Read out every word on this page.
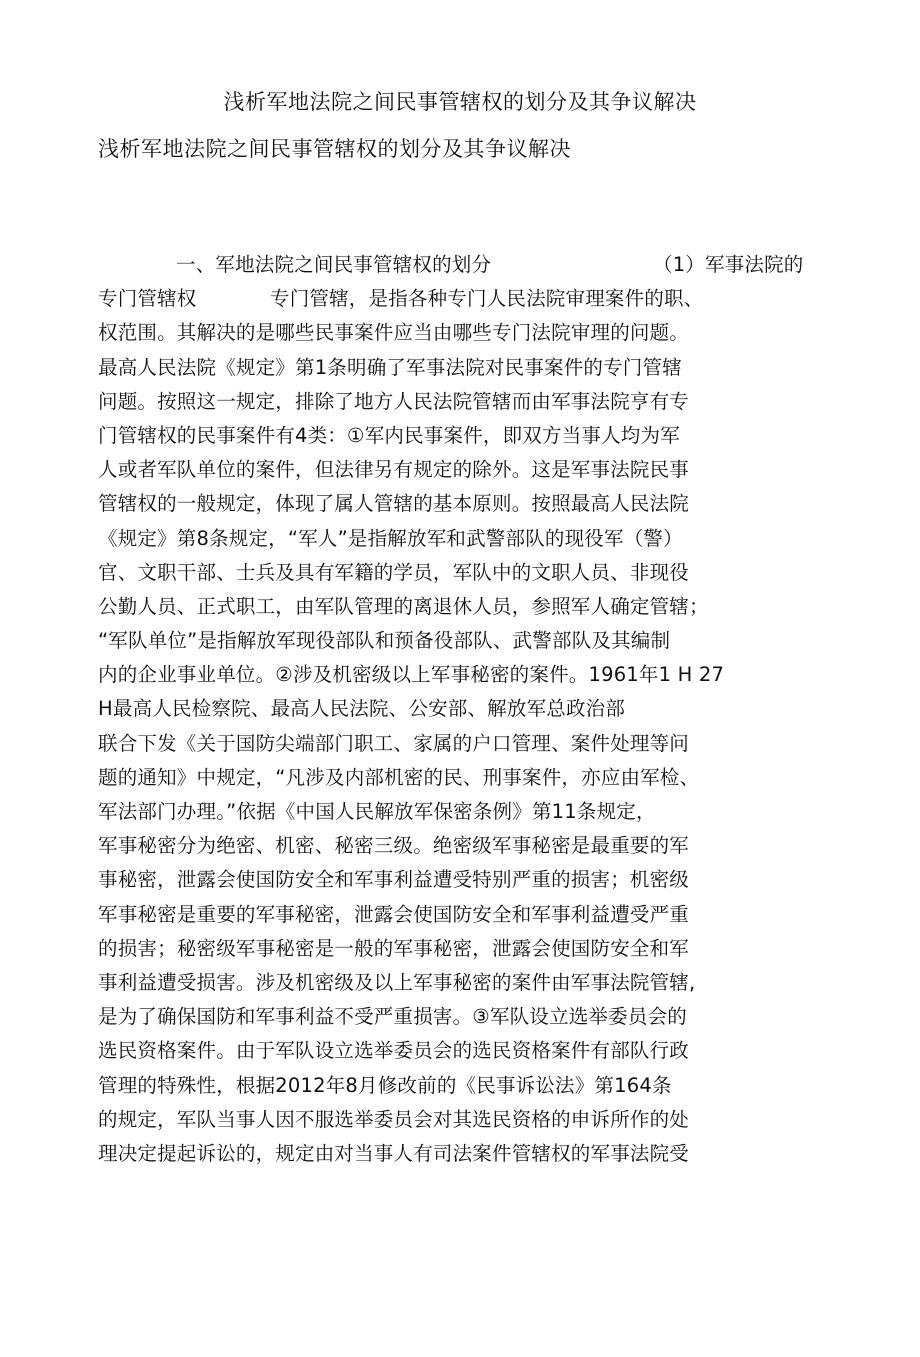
浅析军地法院之间民事管辖权的划分及其争议解决
浅析军地法院之间民事管辖权的划分及其争议解决
一、军地法院之间民事管辖权的划分	（1）军事法院的
专门管辖权	专门管辖，是指各种专门人民法院审理案件的职、
权范围。其解决的是哪些民事案件应当由哪些专门法院审理的问题。
最高人民法院《规定》第1条明确了军事法院对民事案件的专门管辖
问题。按照这一规定，排除了地方人民法院管辖而由军事法院亨有专
门管辖权的民事案件有4类：①军内民事案件，即双方当事人均为军
人或者军队单位的案件，但法律另有规定的除外。这是军事法院民事
管辖权的一般规定，体现了属人管辖的基本原则。按照最高人民法院
《规定》第8条规定，“军人”是指解放军和武警部队的现役军（警）
官、文职干部、士兵及具有军籍的学员，军队中的文职人员、非现役
公勤人员、正式职工，由军队管理的离退休人员，参照军人确定管辖；
“军队单位”是指解放军现役部队和预备役部队、武警部队及其编制
内的企业事业单位。②涉及机密级以上军事秘密的案件。1961年1 H 27
H最高人民检察院、最高人民法院、公安部、解放军总政治部
联合下发《关于国防尖端部门职工、家属的户口管理、案件处理等问
题的通知》中规定，“凡涉及内部机密的民、刑事案件，亦应由军检、
军法部门办理。”依据《中国人民解放军保密条例》第11条规定，
军事秘密分为绝密、机密、秘密三级。绝密级军事秘密是最重要的军
事秘密，泄露会使国防安全和军事利益遭受特别严重的损害；机密级
军事秘密是重要的军事秘密，泄露会使国防安全和军事利益遭受严重
的损害；秘密级军事秘密是一般的军事秘密，泄露会使国防安全和军
事利益遭受损害。涉及机密级及以上军事秘密的案件由军事法院管辖,
是为了确保国防和军事利益不受严重损害。③军队设立选举委员会的
选民资格案件。由于军队设立选举委员会的选民资格案件有部队行政
管理的特殊性，根据2012年8月修改前的《民事诉讼法》第164条
的规定，军队当事人因不服选举委员会对其选民资格的申诉所作的处
理决定提起诉讼的，规定由对当事人有司法案件管辖权的军事法院受
